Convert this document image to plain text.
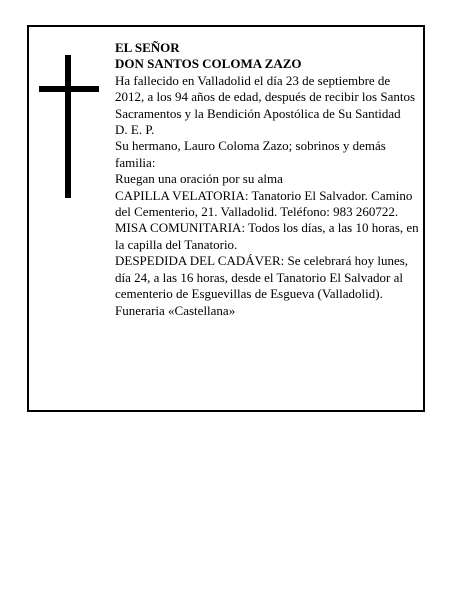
EL SEÑOR

DON SANTOS COLOMA ZAZO

Ha fallecido en Valladolid el día 23 de septiembre de 2012, a los 94 años de edad, después de recibir los Santos Sacramentos y la Bendición Apostólica de Su Santidad

D. E. P.

Su hermano, Lauro Coloma Zazo; sobrinos y demás familia:

Ruegan una oración por su alma

CAPILLA VELATORIA: Tanatorio El Salvador. Camino del Cementerio, 21. Valladolid. Teléfono: 983 260722. MISA COMUNITARIA: Todos los días, a las 10 horas, en la capilla del Tanatorio.

DESPEDIDA DEL CADÁVER: Se celebrará hoy lunes, día 24, a las 16 horas, desde el Tanatorio El Salvador al cementerio de Esguevillas de Esgueva (Valladolid).

Funeraria «Castellana»
